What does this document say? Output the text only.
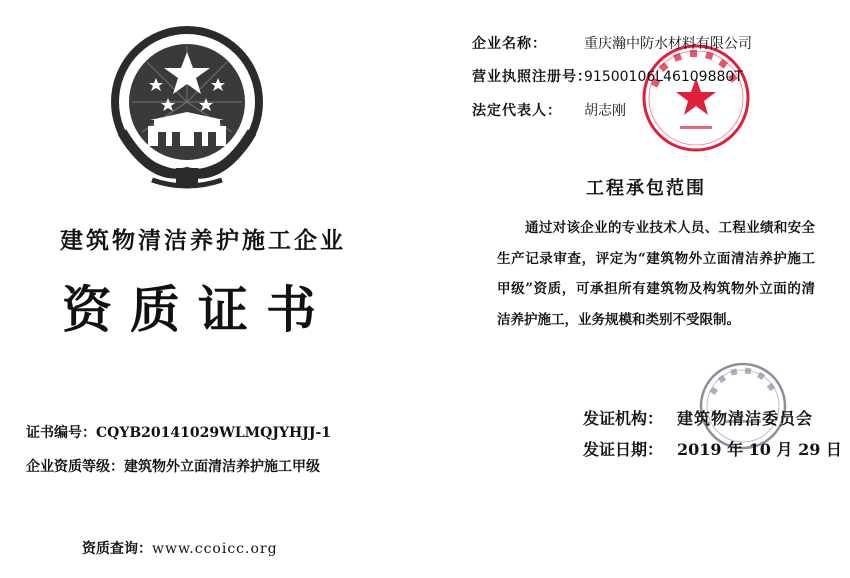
建筑物清洁养护施工企业
资质证书
证书编号：CQYB20141029WLMQJYHJJ-1
企业资质等级：建筑物外立面清洁养护施工甲级
资质查询：www.ccoicc.org
企业名称：	重庆瀚中防水材料有限公司
营业执照注册号：91500106L46109880T
法定代表人： 胡志刚
工程承包范围
通过对该企业的专业技术人员、工程业绩和安全生产记录审查，评定为“建筑物外立面清洁养护施工甲级”资质，可承担所有建筑物及构筑物外立面的清洁养护施工，业务规模和类别不受限制。
发证机构： 建筑物清洁委员会
发证日期： 2019 年 10 月 29 日
